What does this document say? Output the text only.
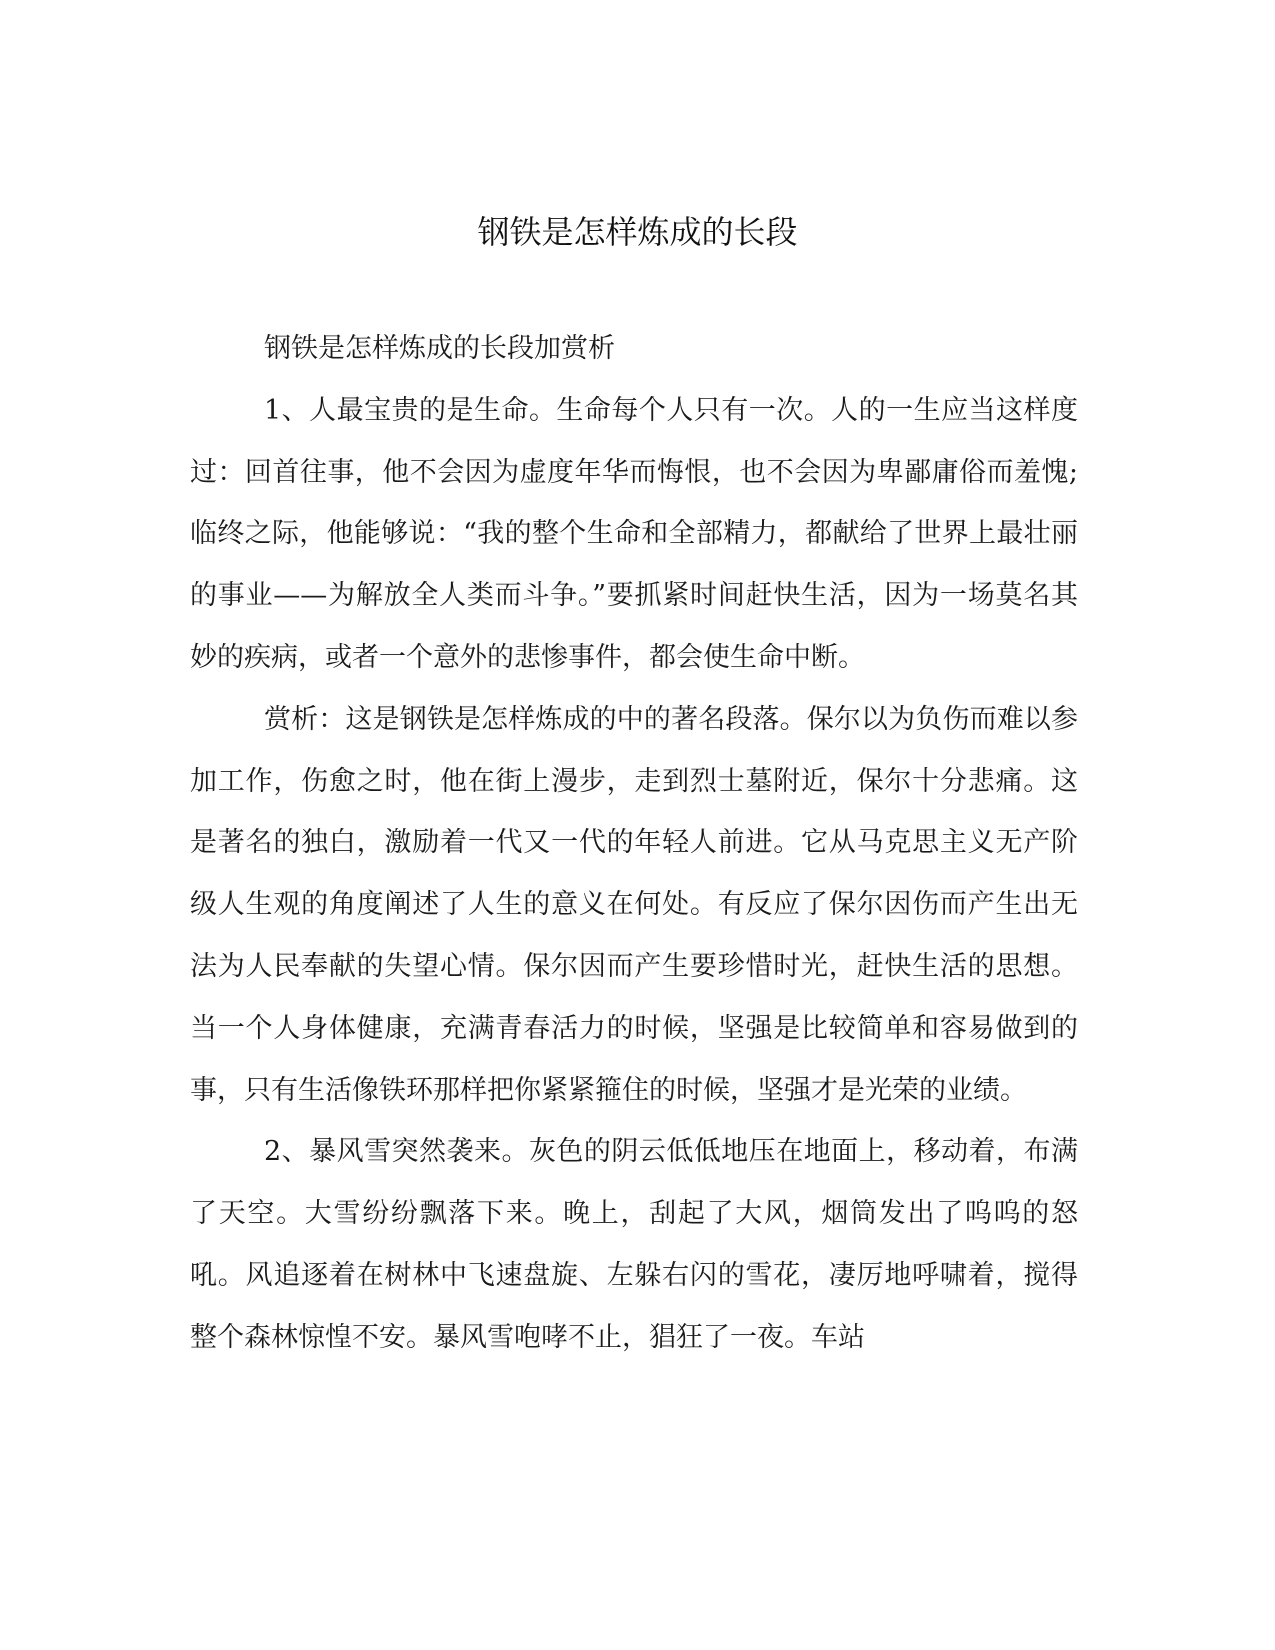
钢铁是怎样炼成的长段

钢铁是怎样炼成的长段加赏析

1、人最宝贵的是生命。生命每个人只有一次。人的一生应当这样度过：回首往事，他不会因为虚度年华而悔恨，也不会因为卑鄙庸俗而羞愧;临终之际，他能够说：“我的整个生命和全部精力，都献给了世界上最壮丽的事业——为解放全人类而斗争。”要抓紧时间赶快生活，因为一场莫名其妙的疾病，或者一个意外的悲惨事件，都会使生命中断。

赏析：这是钢铁是怎样炼成的中的著名段落。保尔以为负伤而难以参加工作，伤愈之时，他在街上漫步，走到烈士墓附近，保尔十分悲痛。这是著名的独白，激励着一代又一代的年轻人前进。它从马克思主义无产阶级人生观的角度阐述了人生的意义在何处。有反应了保尔因伤而产生出无法为人民奉献的失望心情。保尔因而产生要珍惜时光，赶快生活的思想。当一个人身体健康，充满青春活力的时候，坚强是比较简单和容易做到的事，只有生活像铁环那样把你紧紧箍住的时候，坚强才是光荣的业绩。

2、暴风雪突然袭来。灰色的阴云低低地压在地面上，移动着，布满了天空。大雪纷纷飘落下来。晚上，刮起了大风，烟筒发出了呜呜的怒吼。风追逐着在树林中飞速盘旋、左躲右闪的雪花，凄厉地呼啸着，搅得整个森林惊惶不安。暴风雪咆哮不止，猖狂了一夜。车站
